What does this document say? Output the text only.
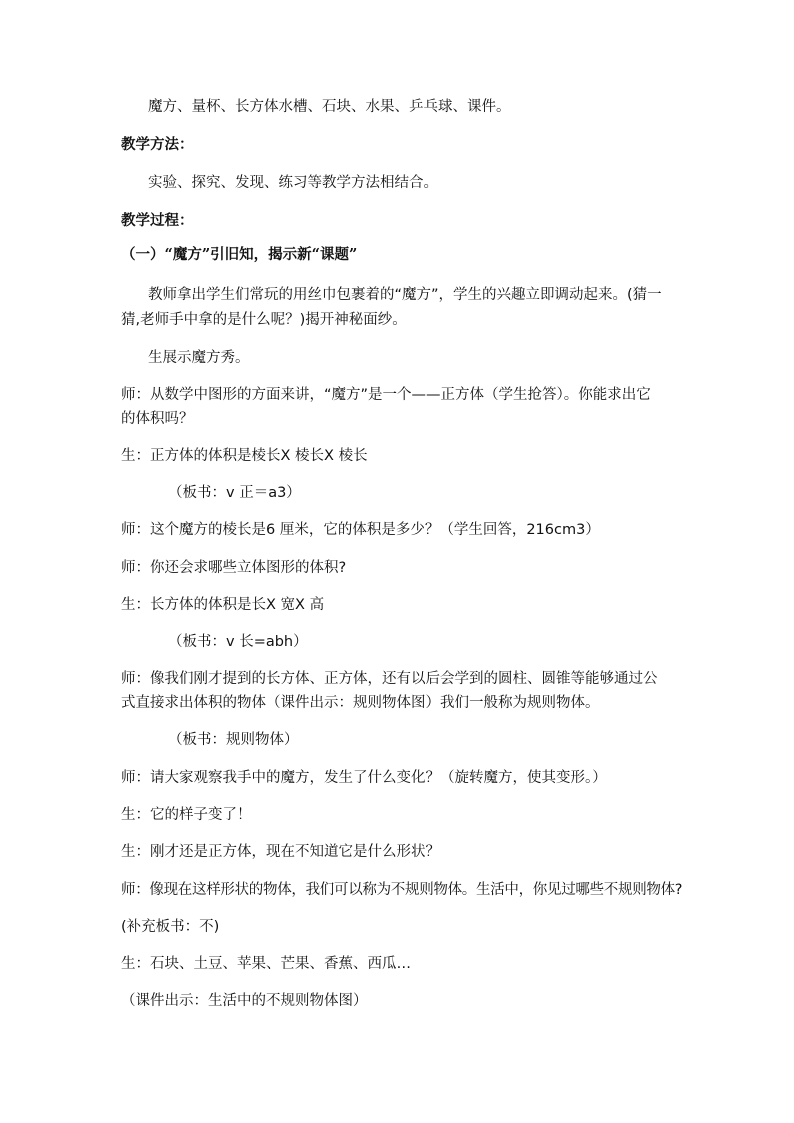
魔方、量杯、长方体水槽、石块、水果、乒乓球、课件。
教学方法：
实验、探究、发现、练习等教学方法相结合。
教学过程：
（一）“魔方”引旧知，揭示新“课题”
教师拿出学生们常玩的用丝巾包裹着的“魔方”，学生的兴趣立即调动起来。(猜一
猜,老师手中拿的是什么呢？)揭开神秘面纱。
生展示魔方秀。
师：从数学中图形的方面来讲，“魔方”是一个——正方体（学生抢答）。你能求出它
的体积吗？
生：正方体的体积是棱长X 棱长X 棱长
（板书：v 正＝a3）
师：这个魔方的棱长是6 厘米，它的体积是多少？（学生回答，216cm3）
师：你还会求哪些立体图形的体积?
生：长方体的体积是长X 宽X 高
（板书：v 长=abh）
师：像我们刚才提到的长方体、正方体，还有以后会学到的圆柱、圆锥等能够通过公
式直接求出体积的物体（课件出示：规则物体图）我们一般称为规则物体。
（板书：规则物体）
师：请大家观察我手中的魔方，发生了什么变化？（旋转魔方，使其变形。）
生：它的样子变了！
生：刚才还是正方体，现在不知道它是什么形状？
师：像现在这样形状的物体，我们可以称为不规则物体。生活中，你见过哪些不规则物体?
(补充板书：不)
生：石块、土豆、苹果、芒果、香蕉、西瓜…
（课件出示：生活中的不规则物体图）
